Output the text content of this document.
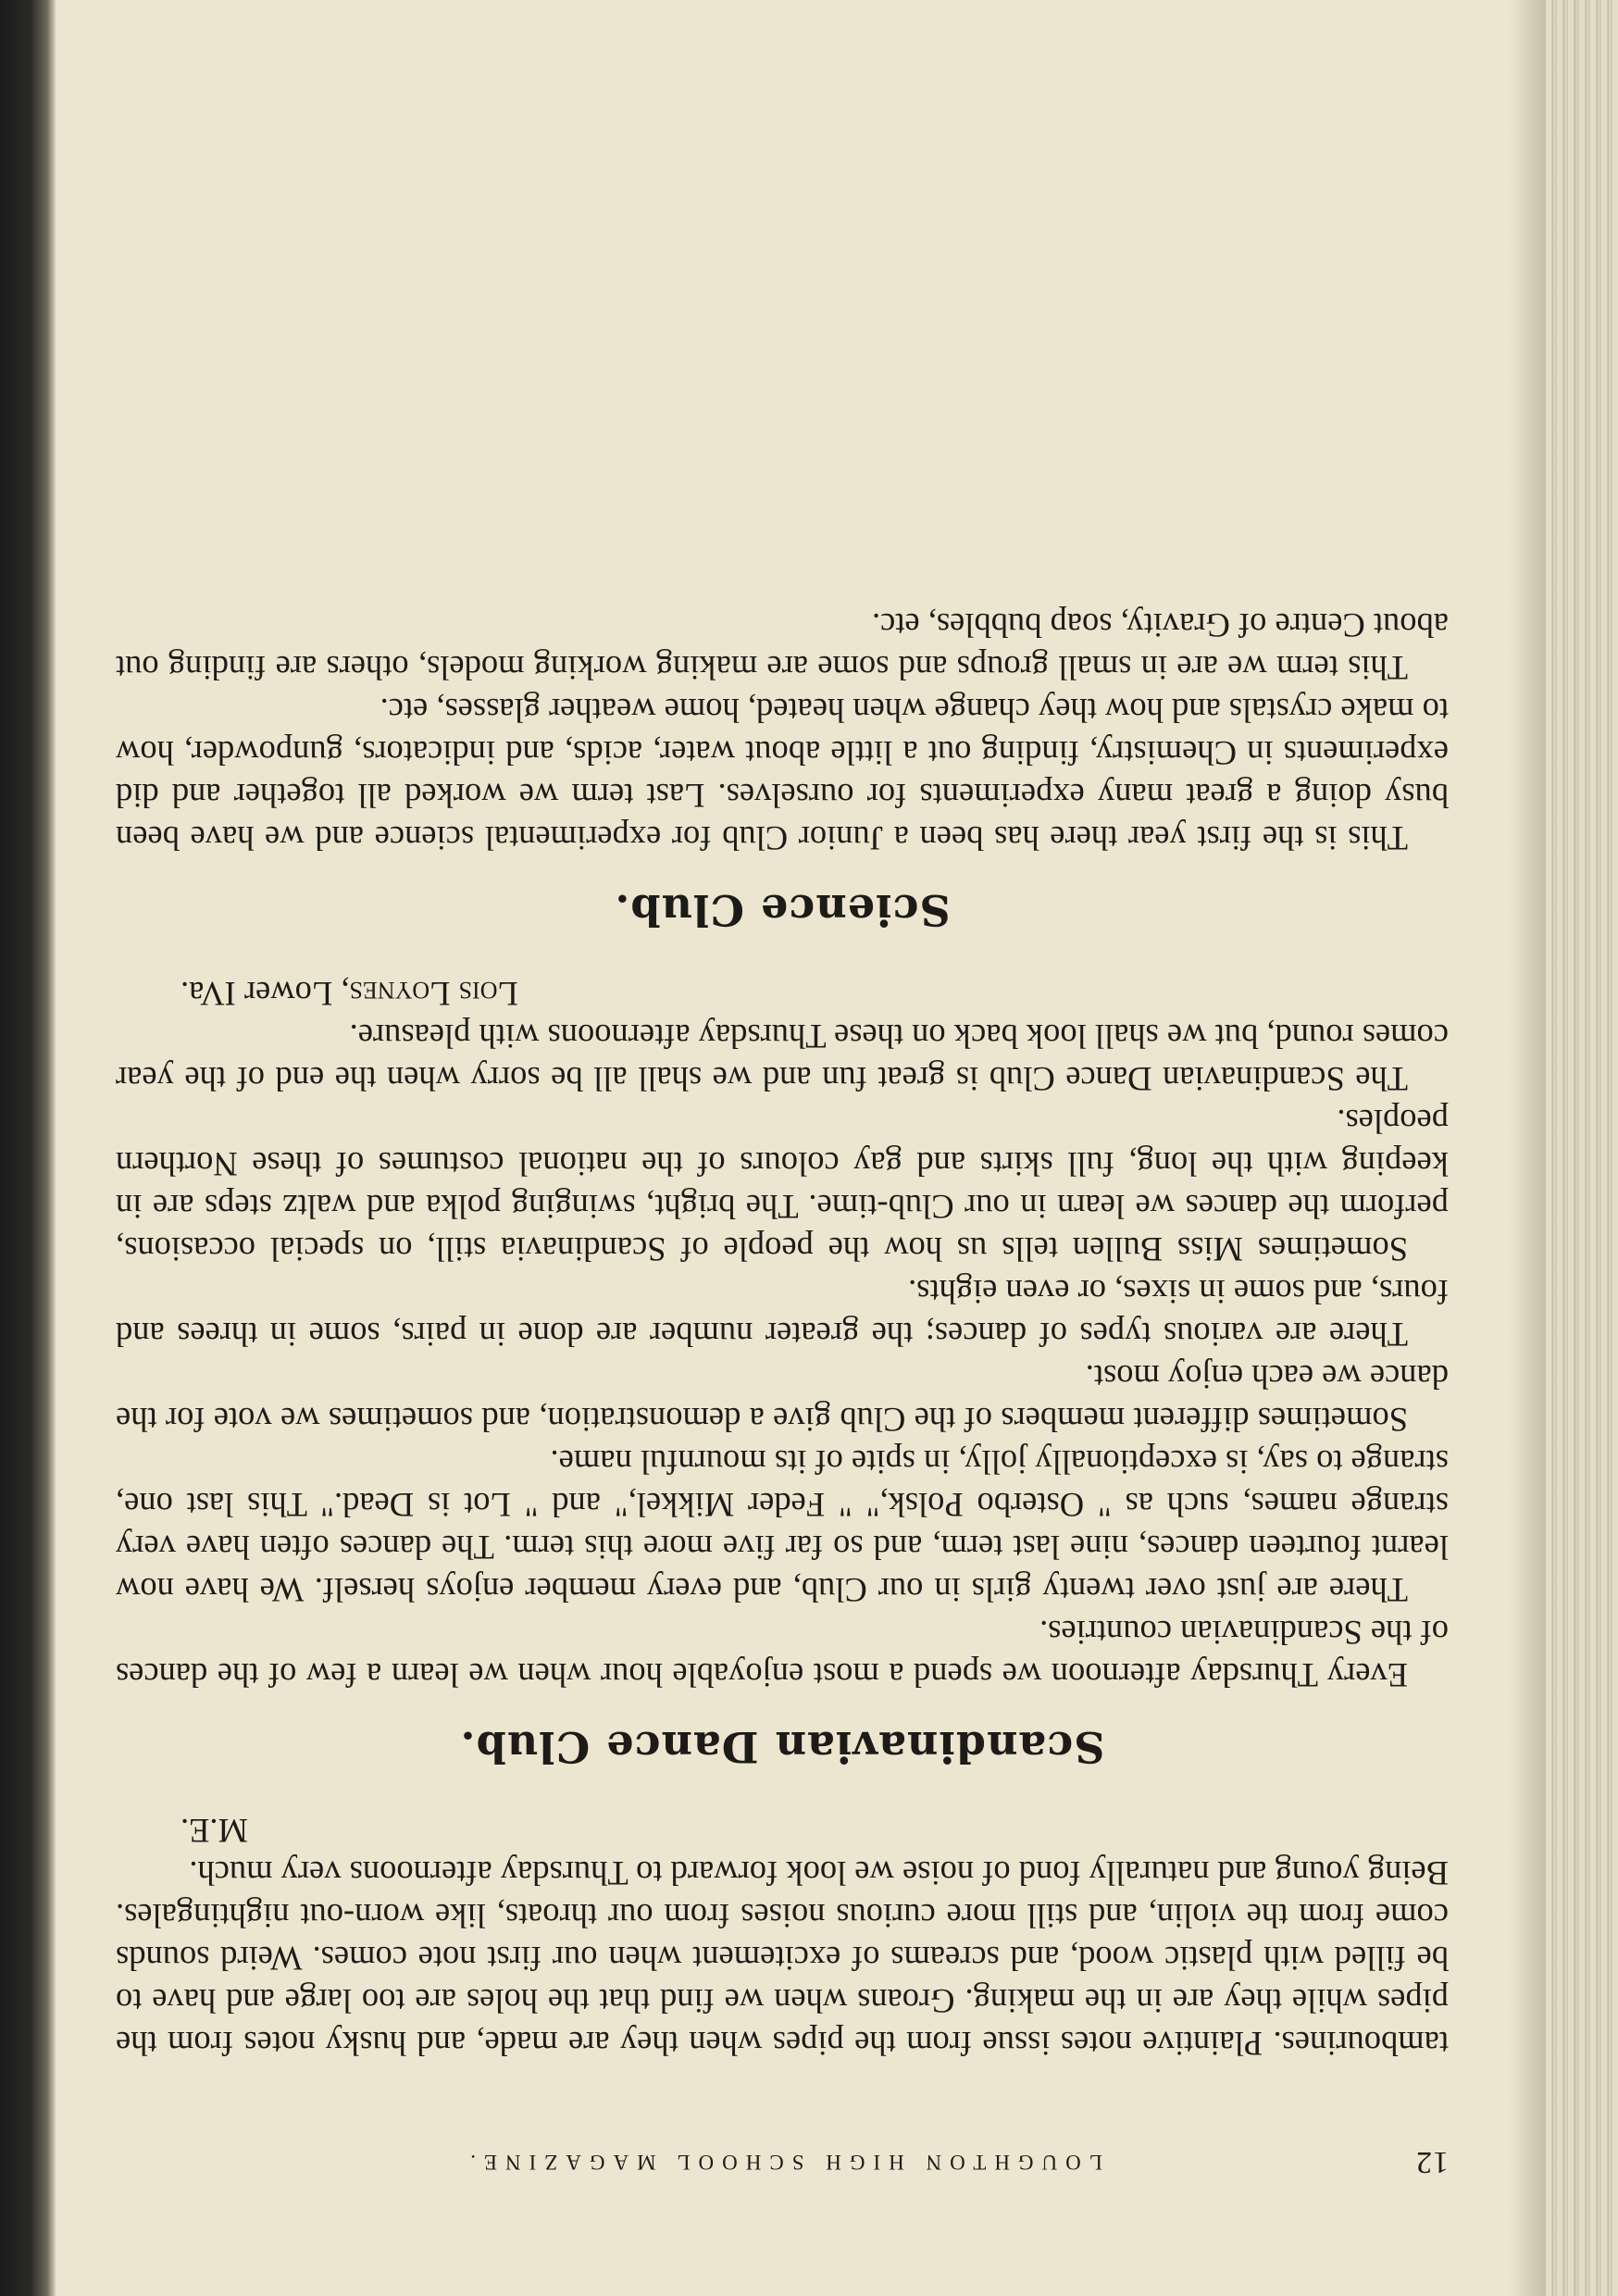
12
LOUGHTON HIGH SCHOOL MAGAZINE.

tambourines. Plaintive notes issue from the pipes when they are made, and husky notes from the pipes while they are in the making. Groans when we find that the holes are too large and have to be filled with plastic wood, and screams of excitement when our first note comes. Weird sounds come from the violin, and still more curious noises from our throats, like worn-out nightingales. Being young and naturally fond of noise we look forward to Thursday afternoons very much.

M.E.

Scandinavian Dance Club.

Every Thursday afternoon we spend a most enjoyable hour when we learn a few of the dances of the Scandinavian countries.

There are just over twenty girls in our Club, and every member enjoys herself. We have now learnt fourteen dances, nine last term, and so far five more this term. The dances often have very strange names, such as " Osterbo Polsk," " Feder Mikkel," and " Lot is Dead." This last one, strange to say, is exceptionally jolly, in spite of its mournful name.

Sometimes different members of the Club give a demonstration, and sometimes we vote for the dance we each enjoy most.

There are various types of dances; the greater number are done in pairs, some in threes and fours, and some in sixes, or even eights.

Sometimes Miss Bullen tells us how the people of Scandinavia still, on special occasions, perform the dances we learn in our Club-time. The bright, swinging polka and waltz steps are in keeping with the long, full skirts and gay colours of the national costumes of these Northern peoples.

The Scandinavian Dance Club is great fun and we shall all be sorry when the end of the year comes round, but we shall look back on these Thursday afternoons with pleasure.

Lois Loynes, Lower IVa.

Science Club.

This is the first year there has been a Junior Club for experimental science and we have been busy doing a great many experiments for ourselves. Last term we worked all together and did experiments in Chemistry, finding out a little about water, acids, and indicators, gunpowder, how to make crystals and how they change when heated, home weather glasses, etc.

This term we are in small groups and some are making working models, others are finding out about Centre of Gravity, soap bubbles, etc.
